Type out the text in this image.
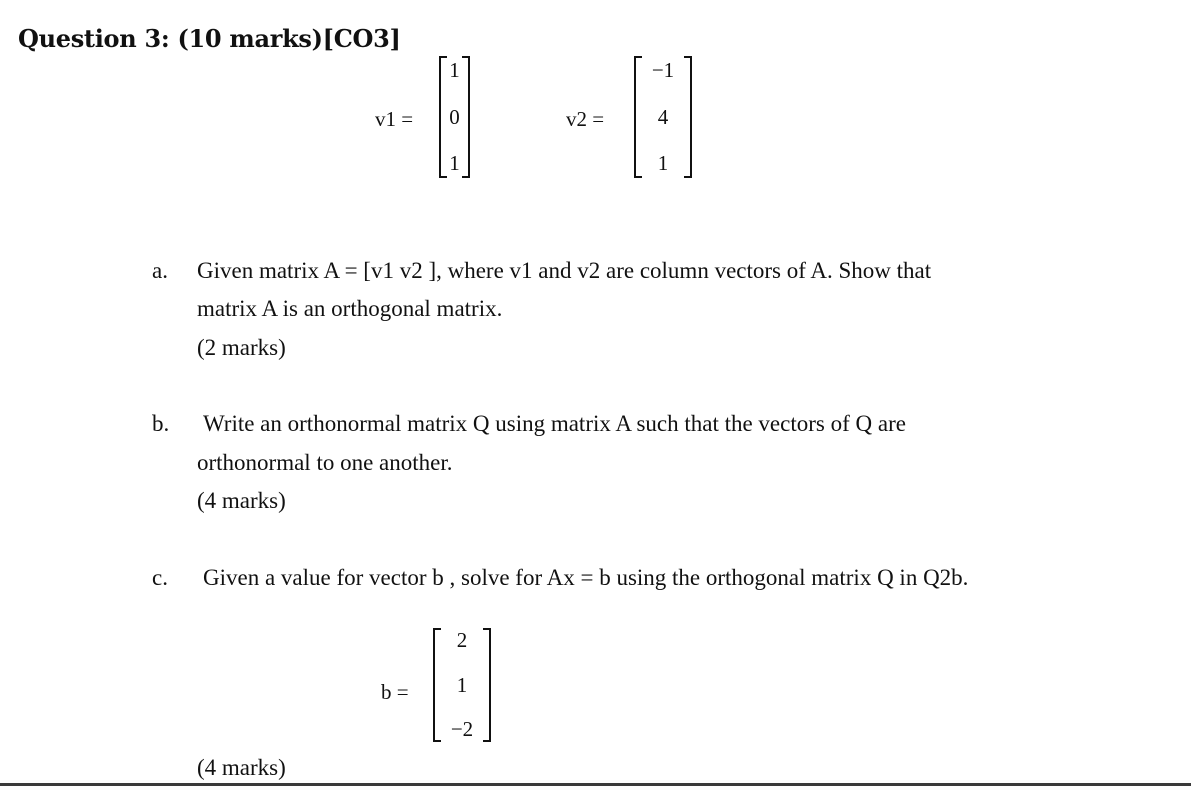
Question 3: (10 marks)[CO3]
v1 =
1
0
1
v2 =
−1
4
1
a. Given matrix A = [v1 v2 ], where v1 and v2 are column vectors of A. Show that
matrix A is an orthogonal matrix.
(2 marks)
b. Write an orthonormal matrix Q using matrix A such that the vectors of Q are
orthonormal to one another.
(4 marks)
c. Given a value for vector b , solve for Ax = b using the orthogonal matrix Q in Q2b.
b =
2
1
−2
(4 marks)
